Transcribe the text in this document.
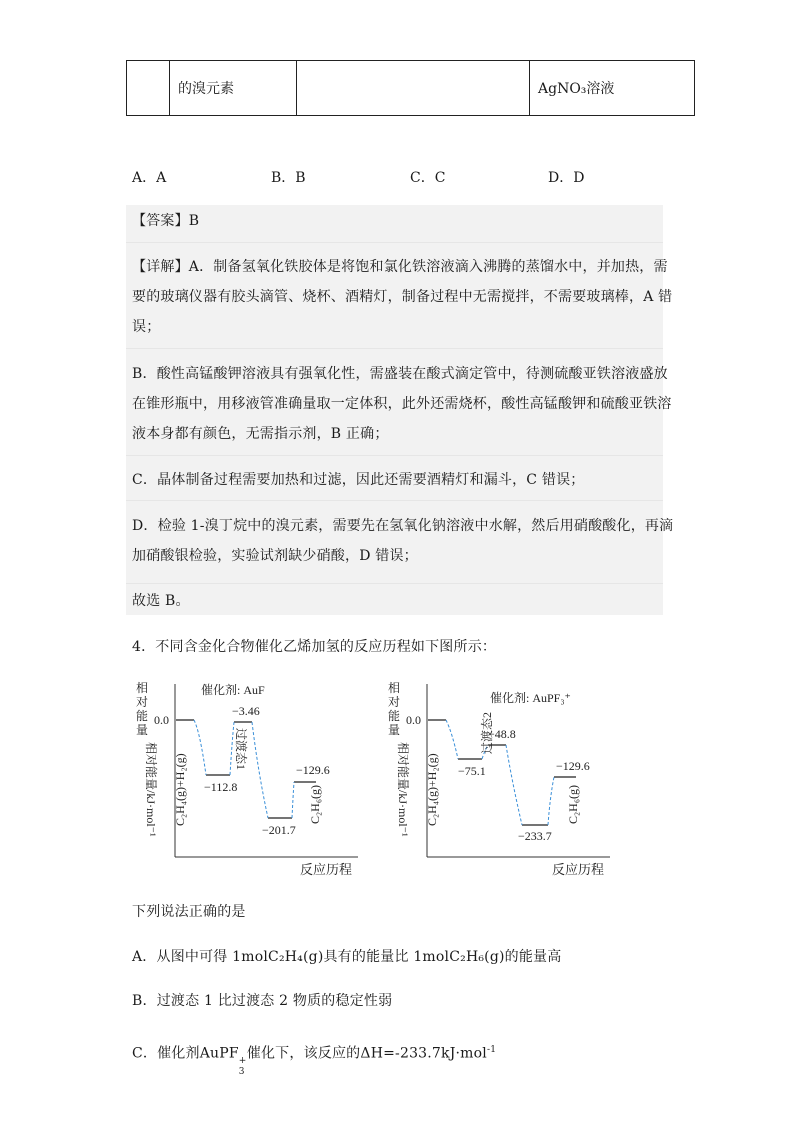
	的溴元素		AgNO₃溶液
A．A	B．B	C．C	D．D
【答案】B
【详解】A．制备氢氧化铁胶体是将饱和氯化铁溶液滴入沸腾的蒸馏水中，并加热，需
要的玻璃仪器有胶头滴管、烧杯、酒精灯，制备过程中无需搅拌，不需要玻璃棒，A 错
误；
B．酸性高锰酸钾溶液具有强氧化性，需盛装在酸式滴定管中，待测硫酸亚铁溶液盛放
在锥形瓶中，用移液管准确量取一定体积，此外还需烧杯，酸性高锰酸钾和硫酸亚铁溶
液本身都有颜色，无需指示剂，B 正确；
C．晶体制备过程需要加热和过滤，因此还需要酒精灯和漏斗，C 错误；
D．检验 1-溴丁烷中的溴元素，需要先在氢氧化钠溶液中水解，然后用硝酸酸化，再滴
加硝酸银检验，实验试剂缺少硝酸，D 错误；
故选 B。
4．不同含金化合物催化乙烯加氢的反应历程如下图所示：
相
对
能
量
相对能量/kJ·mol⁻¹
催化剂: AuF
反应历程
0.0
−112.8
−3.46
−201.7
−129.6
C₂H₄(g)+H₂(g)
过渡态1
C₂H₆(g)
相
对
能
量
相对能量/kJ·mol⁻¹
催化剂: AuPF₃⁺
反应历程
0.0
−75.1
−48.8
−233.7
−129.6
C₂H₄(g)+H₂(g)
过渡态2
C₂H₆(g)
下列说法正确的是
A．从图中可得 1molC₂H₄(g)具有的能量比 1molC₂H₆(g)的能量高
B．过渡态 1 比过渡态 2 物质的稳定性弱
C．催化剂AuPF +
3
催化下，该反应的ΔH=-233.7kJ·mol$^{-1}$
